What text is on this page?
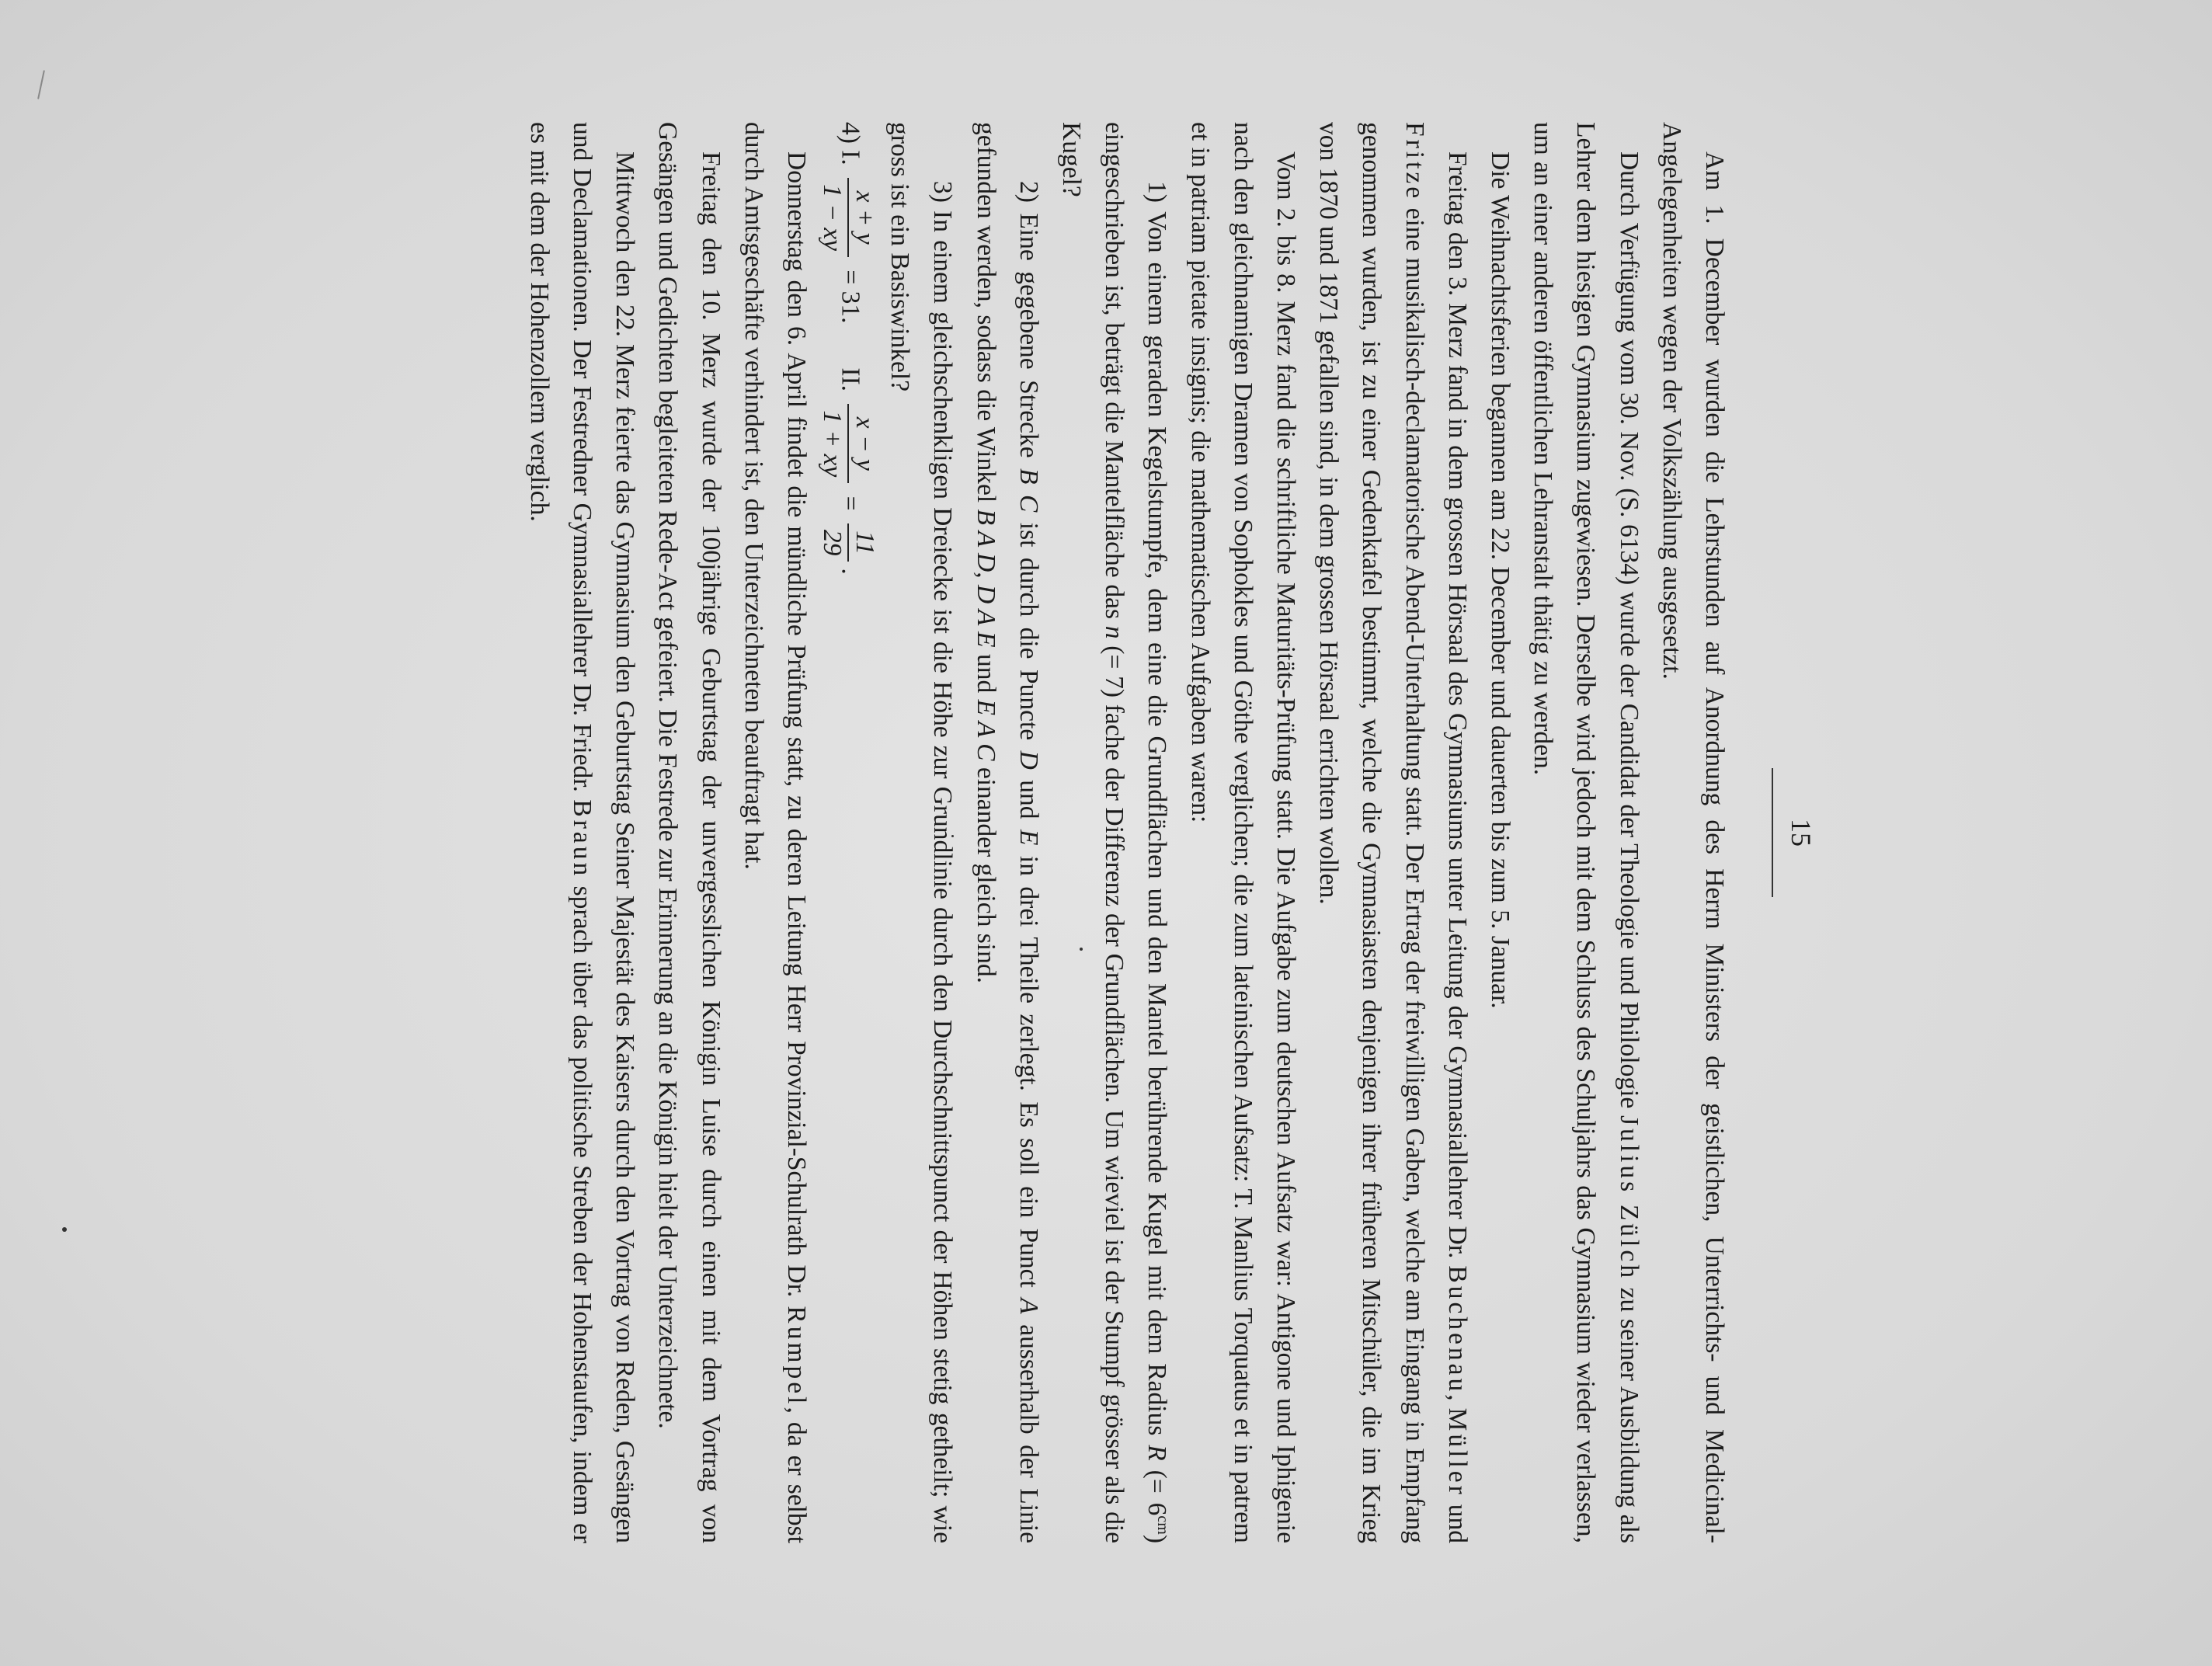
15

Am 1. December wurden die Lehrstunden auf Anordnung des Herrn Ministers der geistlichen, Unterrichts- und Medicinal-Angelegenheiten wegen der Volkszählung ausgesetzt.

Durch Verfügung vom 30. Nov. (S. 6134) wurde der Candidat der Theologie und Philologie Julius Zülch zu seiner Ausbildung als Lehrer dem hiesigen Gymnasium zugewiesen. Derselbe wird jedoch mit dem Schluss des Schuljahrs das Gymnasium wieder verlassen, um an einer anderen öffentlichen Lehranstalt thätig zu werden.

Die Weihnachtsferien begannen am 22. December und dauerten bis zum 5. Januar.

Freitag den 3. Merz fand in dem grossen Hörsaal des Gymnasiums unter Leitung der Gymnasiallehrer Dr. Buchenau, Müller und Fritze eine musikalisch-declamatorische Abend-Unterhaltung statt. Der Ertrag der freiwilligen Gaben, welche am Eingang in Empfang genommen wurden, ist zu einer Gedenktafel bestimmt, welche die Gymnasiasten denjenigen ihrer früheren Mitschüler, die im Krieg von 1870 und 1871 gefallen sind, in dem grossen Hörsaal errichten wollen.

Vom 2. bis 8. Merz fand die schriftliche Maturitäts-Prüfung statt. Die Aufgabe zum deutschen Aufsatz war: Antigone und Iphigenie nach den gleichnamigen Dramen von Sophokles und Göthe verglichen; die zum lateinischen Aufsatz: T. Manlius Torquatus et in patrem et in patriam pietate insignis; die mathematischen Aufgaben waren:

1) Von einem geraden Kegelstumpfe, dem eine die Grundflächen und den Mantel berührende Kugel mit dem Radius R (= $6^{cm}$) eingeschrieben ist, beträgt die Mantelfläche das n (= 7) fache der Differenz der Grundflächen. Um wieviel ist der Stumpf grösser als die Kugel?

2) Eine gegebene Strecke B C ist durch die Puncte D und E in drei Theile zerlegt. Es soll ein Punct A ausserhalb der Linie gefunden werden, sodass die Winkel B A D, D A E und E A C einander gleich sind.

3) In einem gleichschenkligen Dreiecke ist die Höhe zur Grundlinie durch den Durchschnittspunct der Höhen stetig getheilt; wie gross ist ein Basiswinkel?

4) I.
x + y
1 − xy
= 31.  II.
x − y
1 + xy
=
11
29
.

Donnerstag den 6. April findet die mündliche Prüfung statt, zu deren Leitung Herr Provinzial-Schulrath Dr. Rumpel, da er selbst durch Amtsgeschäfte verhindert ist, den Unterzeichneten beauftragt hat.

Freitag den 10. Merz wurde der 100jährige Geburtstag der unvergesslichen Königin Luise durch einen mit dem Vortrag von Gesängen und Gedichten begleiteten Rede-Act gefeiert. Die Festrede zur Erinnerung an die Königin hielt der Unterzeichnete.

Mittwoch den 22. Merz feierte das Gymnasium den Geburtstag Seiner Majestät des Kaisers durch den Vortrag von Reden, Gesängen und Declamationen. Der Festredner Gymnasiallehrer Dr. Friedr. Braun sprach über das politische Streben der Hohenstaufen, indem er es mit dem der Hohenzollern verglich.
